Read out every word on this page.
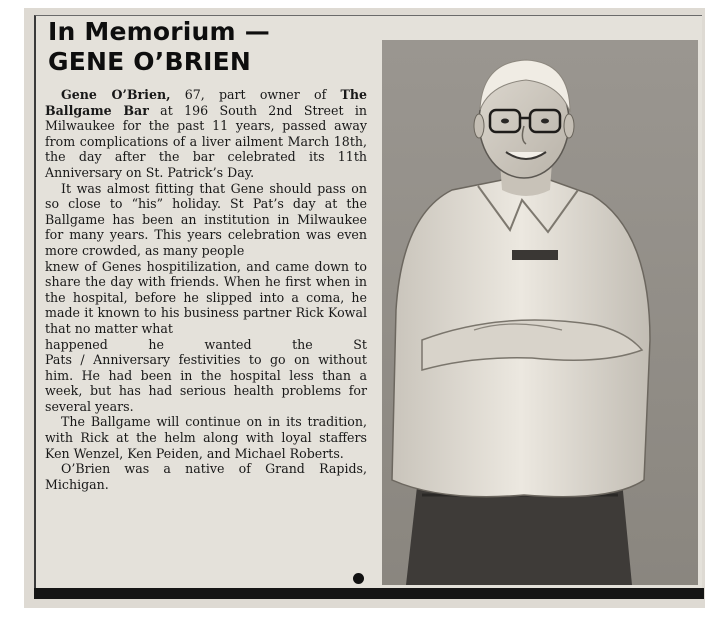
In Memorium —
GENE O’BRIEN

Gene O’Brien, 67, part owner of The Ballgame Bar at 196 South 2nd Street in Milwaukee for the past 11 years, passed away from complications of a liver ailment March 18th, the day after the bar celebrated its 11th Anniversary on St. Patrick’s Day.

It was almost fitting that Gene should pass on so close to “his” holiday. St Pat’s day at the Ballgame has been an institution in Milwaukee for many years. This years celebration was even more crowded, as many people

knew of Genes hospitilization, and came down to share the day with friends. When he first when in the hospital, before he slipped into a coma, he made it known to his business partner Rick Kowal that no matter what

happened he wanted the St

Pats / Anniversary festivities to go on without him. He had been in the hospital less than a week, but has had serious health problems for several years.

The Ballgame will continue on in its tradition, with Rick at the helm along with loyal staffers Ken Wenzel, Ken Peiden, and Michael Roberts.

O’Brien was a native of Grand Rapids, Michigan.
